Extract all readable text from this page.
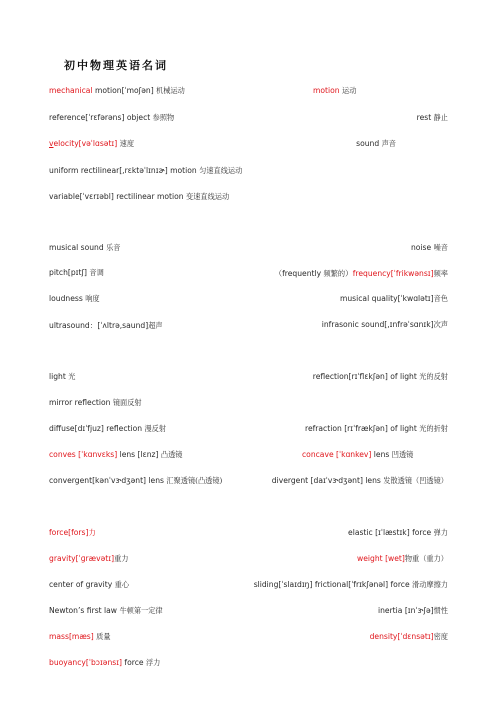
初中物理英语名词
mechanical motion[ˈmoʃən] 机械运动	motion 运动
reference[ˈrɛfərəns] object 参照物	rest 静止
velocity[vəˈlɑsətɪ] 速度	sound 声音
uniform rectilinear[,rɛktəˈlɪnɪɚ] motion 匀速直线运动
variable[ˈvɛrɪəbl] rectilinear motion 变速直线运动
musical sound 乐音	noise 噪音
pitch[pɪtʃ] 音调	（frequently 频繁的）frequency[ˈfrikwənsɪ]频率
loudness 响度	musical quality[ˈkwɑlətɪ]音色
ultrasound：[ˈʌltrə,saund]超声	infrasonic sound[,ɪnfrəˈsɑnɪk]次声
light 光	reflection[rɪˈflɛkʃən] of light 光的反射
mirror reflection 镜面反射
diffuse[dɪˈfjuz] reflection 漫反射	refraction [rɪˈfrækʃən] of light 光的折射
conves [ˈkɑnvɛks] lens [lɛnz] 凸透镜	concave [ˈkɑnkev] lens 凹透镜
convergent[kənˈvɝdʒənt] lens 汇聚透镜(凸透镜)	divergent [daɪˈvɝdʒənt] lens 发散透镜（凹透镜）
force[fors]力	elastic [ɪˈlæstɪk] force 弹力
gravity[ˈɡrævətɪ]重力	weight [wet]物重（重力）
center of gravity 重心	sliding[ˈslaɪdɪŋ] frictional[ˈfrɪkʃənəl] force 滑动摩擦力
Newton’s first law 牛顿第一定律	inertia [ɪnˈɝʃə]惯性
mass[mæs] 质量	density[ˈdɛnsətɪ]密度
buoyancy[ˈbɔɪənsɪ] force 浮力
